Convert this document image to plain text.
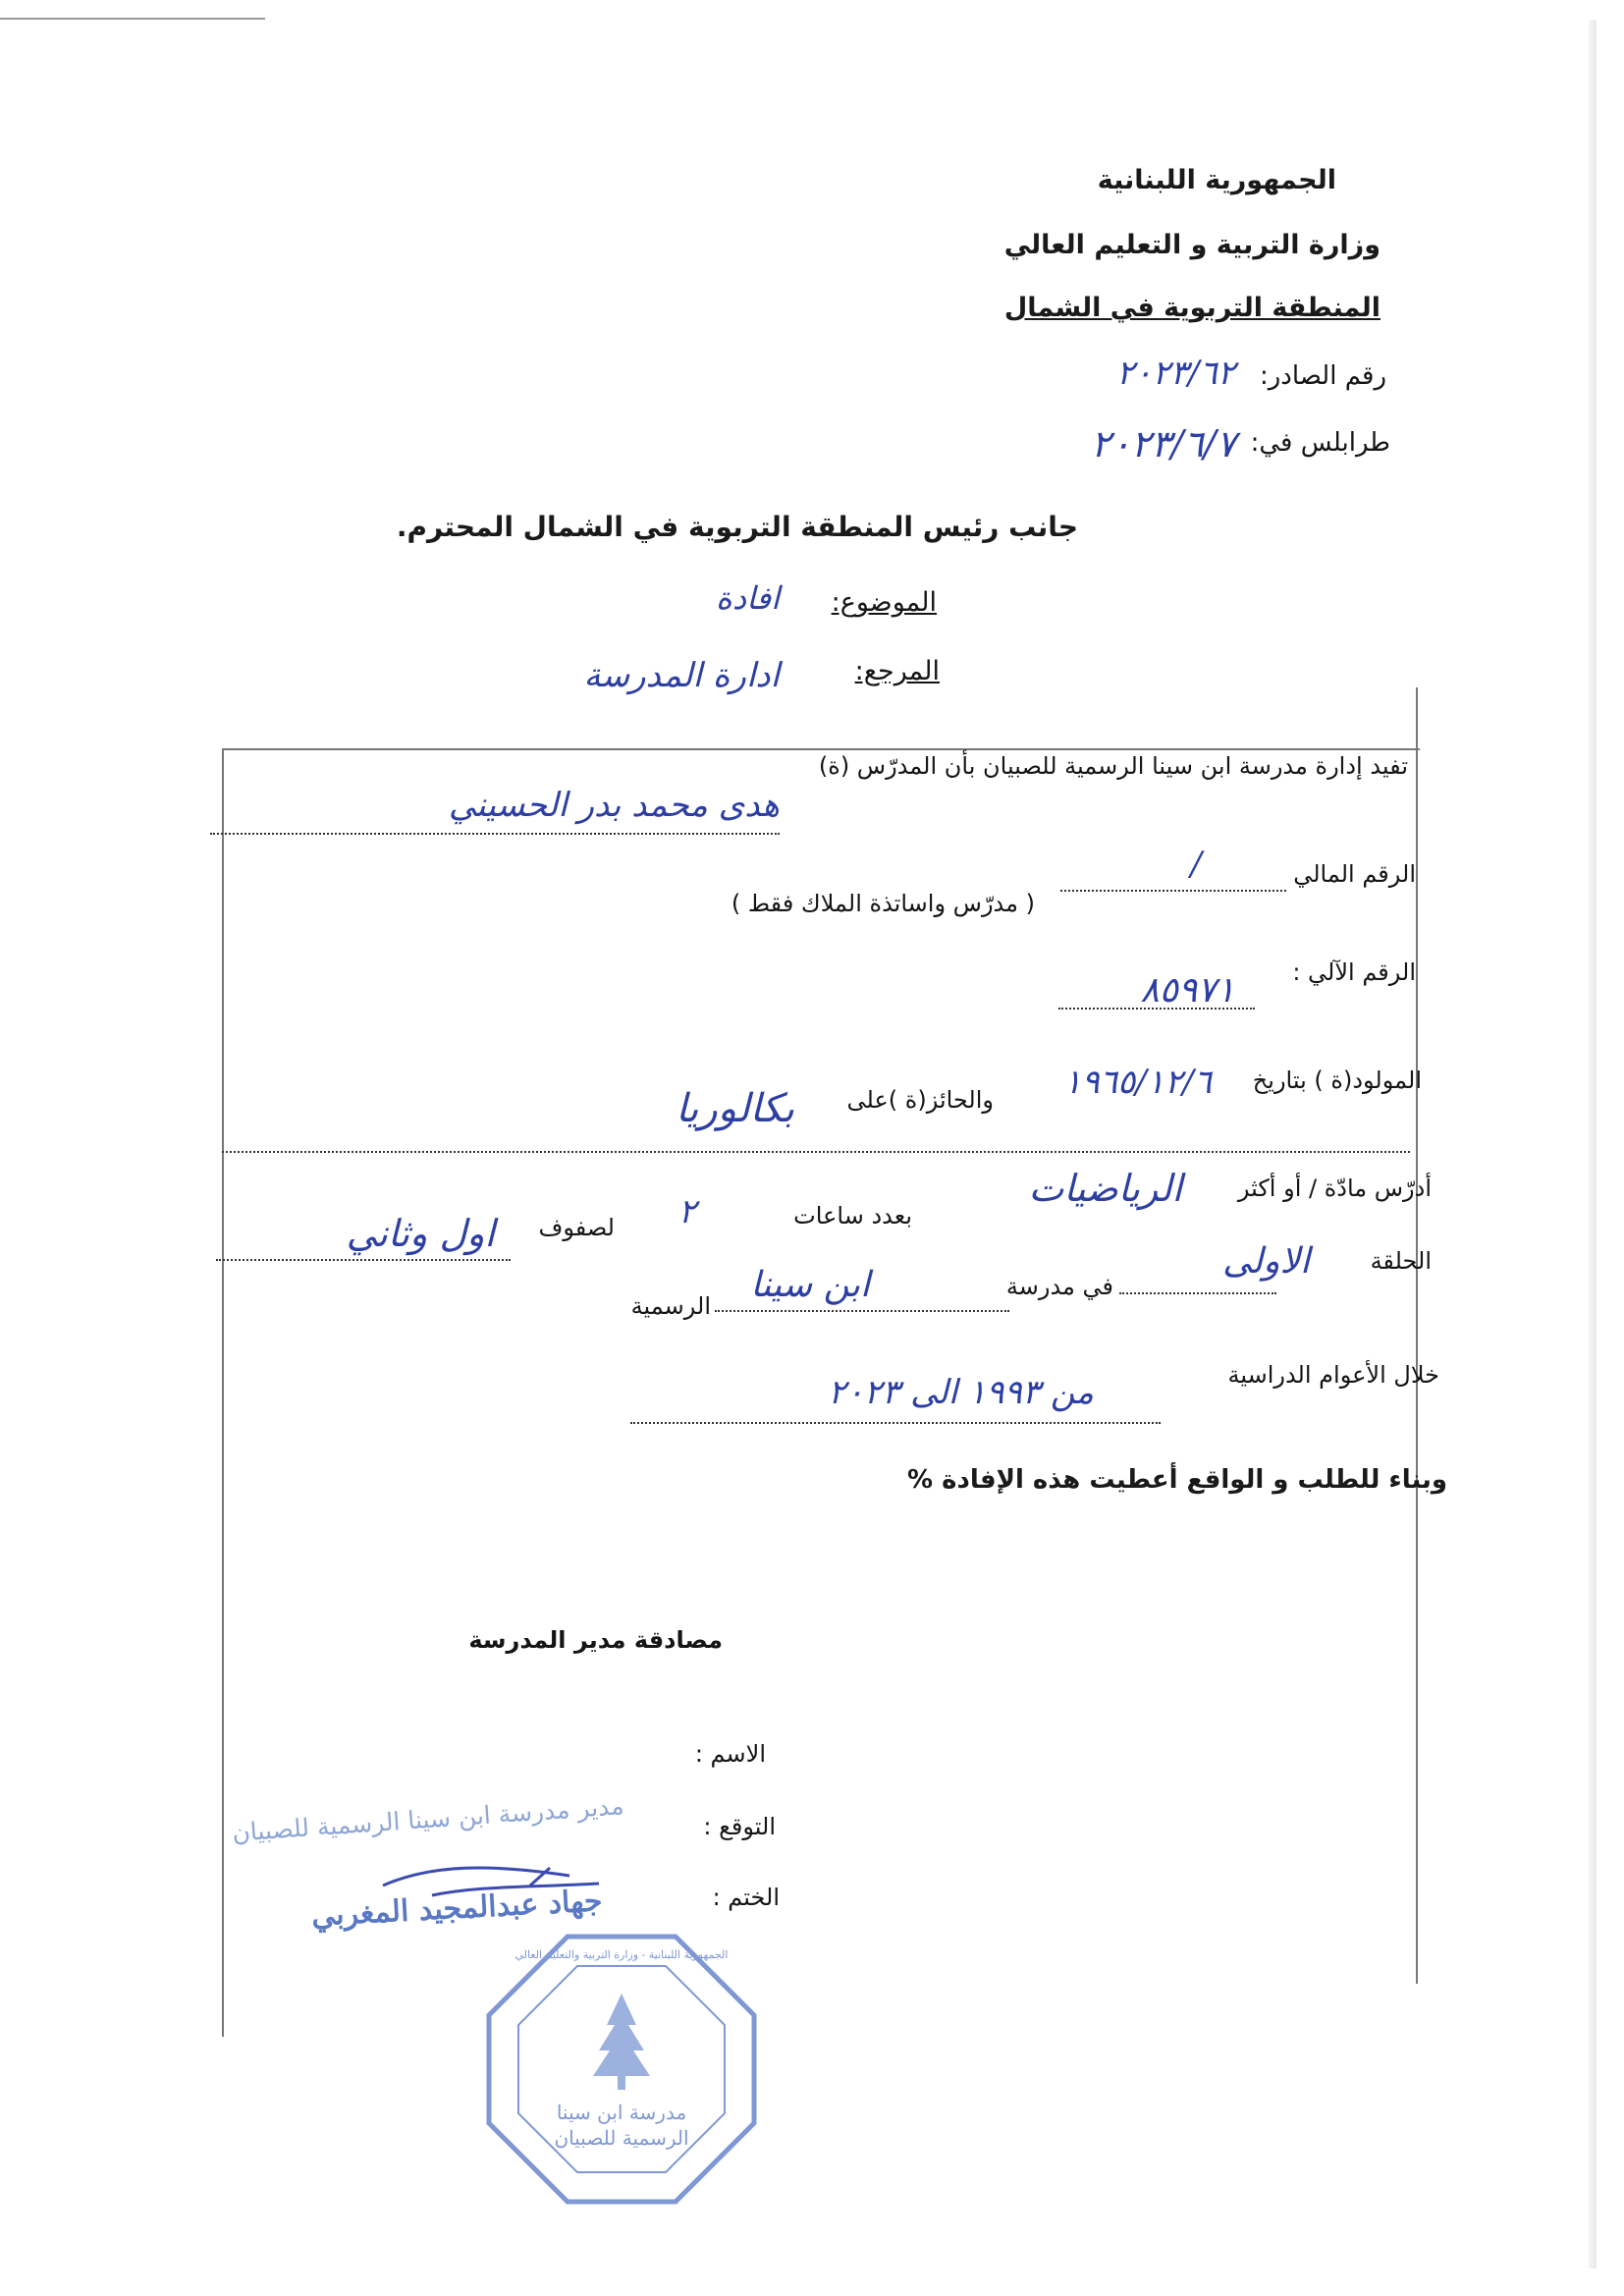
الجمهورية اللبنانية
وزارة التربية و التعليم العالي
المنطقة التربوية في الشمال
رقم الصادر:
٢٠٢٣/٦٢
طرابلس في:
٢٠٢٣/٦/٧
جانب رئيس المنطقة التربوية في الشمال المحترم.
الموضوع:
افادة
المرجع:
ادارة المدرسة
تفيد إدارة مدرسة ابن سينا الرسمية للصبيان بأن المدرّس (ة)
هدى محمد بدر الحسيني
الرقم المالي
/
( مدرّس واساتذة الملاك فقط )
الرقم الآلي :
٨٥٩٧١
المولود(ة ) بتاريخ
١٩٦٥/١٢/٦
والحائز(ة )على
بكالوريا
أدرّس مادّة / أو أكثر
الرياضيات
بعدد ساعات
٢
لصفوف
اول وثاني
الحلقة
الاولى
في مدرسة
ابن سينا
الرسمية
خلال الأعوام الدراسية
من ١٩٩٣ الى ٢٠٢٣
وبناء للطلب و الواقع أعطيت هذه الإفادة %
مصادقة مدير المدرسة
الاسم :
التوقع :
الختم :
مدير مدرسة ابن سينا الرسمية للصبيان
جهاد عبدالمجيد المغربي
مدرسة ابن سينا
الرسمية للصبيان
الجمهورية اللبنانية - وزارة التربية والتعليم العالي
